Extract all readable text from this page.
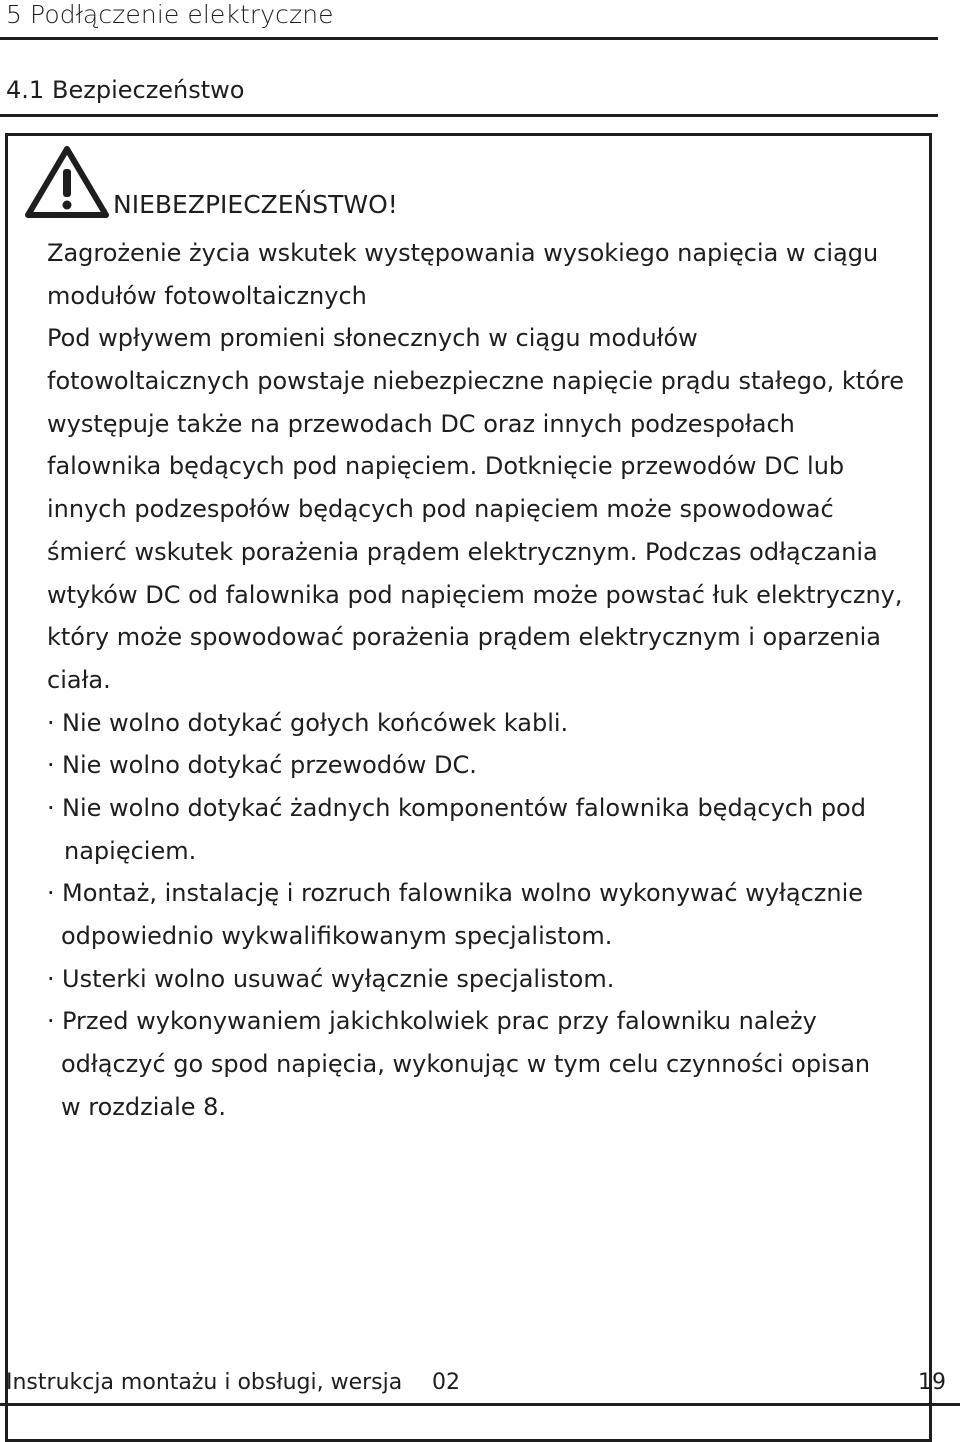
5 Podłączenie elektryczne
4.1 Bezpieczeństwo
NIEBEZPIECZEŃSTWO!
Zagrożenie życia wskutek występowania wysokiego napięcia w ciągu
modułów fotowoltaicznych
Pod wpływem promieni słonecznych w ciągu modułów
fotowoltaicznych powstaje niebezpieczne napięcie prądu stałego, które
występuje także na przewodach DC oraz innych podzespołach
falownika będących pod napięciem. Dotknięcie przewodów DC lub
innych podzespołów będących pod napięciem może spowodować
śmierć wskutek porażenia prądem elektrycznym. Podczas odłączania
wtyków DC od falownika pod napięciem może powstać łuk elektryczny,
który może spowodować porażenia prądem elektrycznym i oparzenia
ciała.
· Nie wolno dotykać gołych końcówek kabli.
· Nie wolno dotykać przewodów DC.
· Nie wolno dotykać żadnych komponentów falownika będących pod
napięciem.
· Montaż, instalację i rozruch falownika wolno wykonywać wyłącznie
odpowiednio wykwalifikowanym specjalistom.
· Usterki wolno usuwać wyłącznie specjalistom.
· Przed wykonywaniem jakichkolwiek prac przy falowniku należy
odłączyć go spod napięcia, wykonując w tym celu czynności opisan
w rozdziale 8.
Instrukcja montażu i obsługi, wersja 02	19
